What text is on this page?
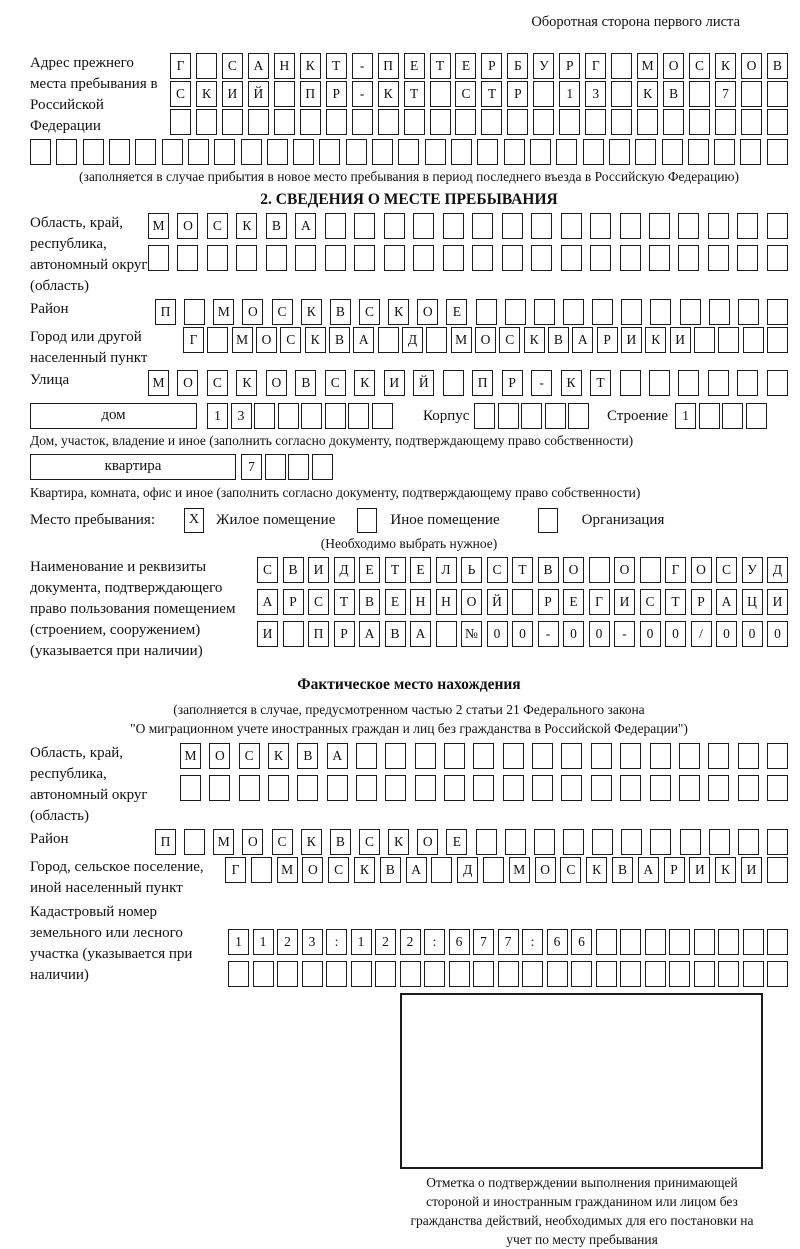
Оборотная сторона первого листа
Адрес прежнего места пребывания в Российской Федерации
Г	С	А	Н	К	Т	-	П	Е	Т	Е	Р	Б	У	Р	Г	М	О	С	К	О	В
С	К	И	Й	П	Р	-	К	Т	С	Т	Р	1	3	К	В	7
(заполняется в случае прибытия в новое место пребывания в период последнего въезда в Российскую Федерацию)
2. СВЕДЕНИЯ О МЕСТЕ ПРЕБЫВАНИЯ
Область, край, республика, автономный округ (область)
М	О	С	К	В	А
Район	П	М	О	С	К	В	С	К	О	Е
Город или другой населенный пункт
Г	М О	С	К	В	А	Д	М О	С	К	В	А	Р	И	К	И
Улица	М	О	С	К	О	В	С	К	И	Й	П	Р	-	К	Т
дом	1	3	Корпус	Строение	1
Дом, участок, владение и иное (заполнить согласно документу, подтверждающему право собственности)
квартира	7
Квартира, комната, офис и иное (заполнить согласно документу, подтверждающему право собственности)
Место пребывания:	X	Жилое помещение	Иное помещение	Организация
(Необходимо выбрать нужное)
Наименование и реквизиты документа, подтверждающего право пользования помещением (строением, сооружением) (указывается при наличии)
С	В	И	Д	Е	Т	Е	Л	Ь	С	Т	В	О	О	Г	О	С	У	Д
А	Р	С	Т	В	Е	Н	Н	О	Й	Р	Е	Г	И	С	Т	Р	А	Ц	И
И	П	Р	А	В	А	№	0	0	-	0	0	-	0	0	/	0	0	0
Фактическое место нахождения
(заполняется в случае, предусмотренном частью 2 статьи 21 Федерального закона
"О миграционном учете иностранных граждан и лиц без гражданства в Российской Федерации")
Область, край, республика, автономный округ (область)
М	О	С	К	В	А
Район	П	М	О	С	К	В	С	К	О	Е
Город, сельское поселение, иной населенный пункт
Г	М	О	С	К	В	А	Д	М	О	С	К	В	А	Р	И	К	И
Кадастровый номер земельного или лесного участка (указывается при наличии)
1	1	2	3	:	1	2	2	:	6	7	7	:	6	6
Отметка о подтверждении выполнения принимающей стороной и иностранным гражданином или лицом без гражданства действий, необходимых для его постановки на учет по месту пребывания
